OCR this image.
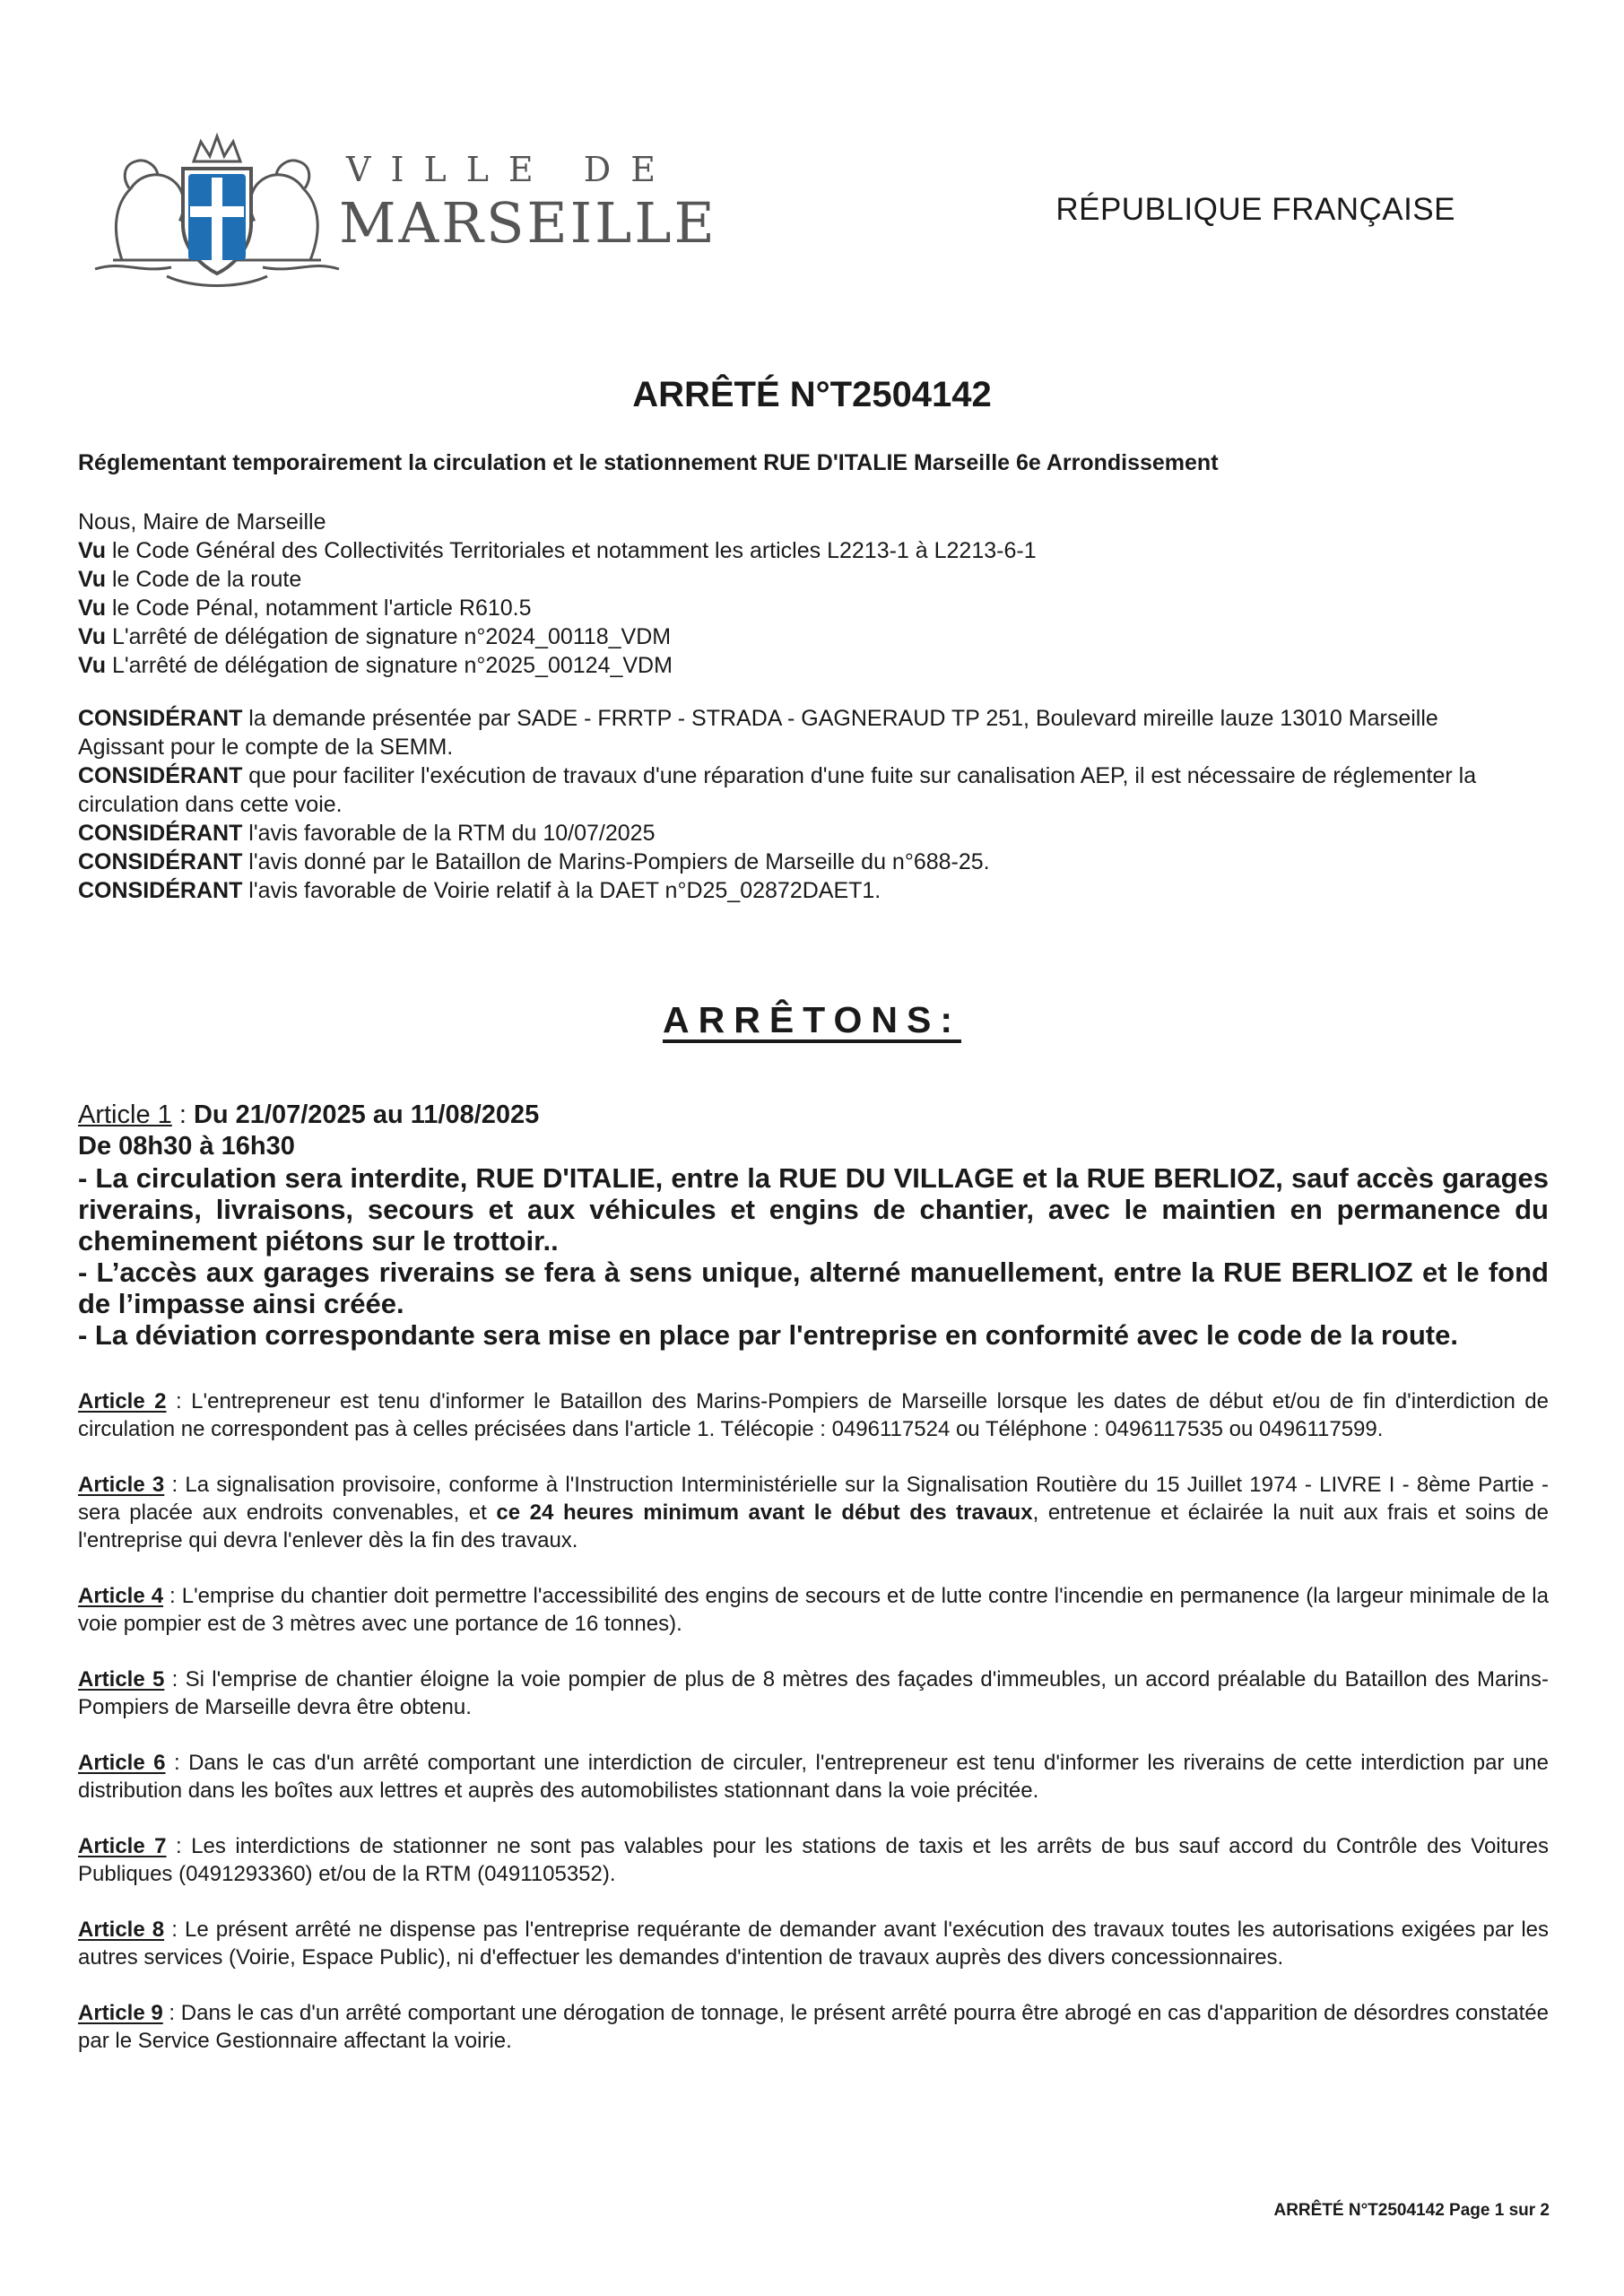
VILLE DE
MARSEILLE	RÉPUBLIQUE FRANÇAISE
ARRÊTÉ N°T2504142
Réglementant temporairement la circulation et le stationnement RUE D'ITALIE Marseille 6e Arrondissement
Nous, Maire de Marseille
Vu le Code Général des Collectivités Territoriales et notamment les articles L2213-1 à L2213-6-1
Vu le Code de la route
Vu le Code Pénal, notamment l'article R610.5
Vu L'arrêté de délégation de signature n°2024_00118_VDM
Vu L'arrêté de délégation de signature n°2025_00124_VDM
CONSIDÉRANT la demande présentée par SADE - FRRTP - STRADA - GAGNERAUD TP 251, Boulevard mireille lauze 13010 Marseille
Agissant pour le compte de la SEMM.
CONSIDÉRANT que pour faciliter l'exécution de travaux d'une réparation d'une fuite sur canalisation AEP, il est nécessaire de réglementer la circulation dans cette voie.
CONSIDÉRANT l'avis favorable de la RTM du 10/07/2025
CONSIDÉRANT l'avis donné par le Bataillon de Marins-Pompiers de Marseille du n°688-25.
CONSIDÉRANT l'avis favorable de Voirie relatif à la DAET n°D25_02872DAET1.
ARRÊTONS:
Article 1 : Du 21/07/2025 au 11/08/2025
De 08h30 à 16h30
- La circulation sera interdite, RUE D'ITALIE, entre la RUE DU VILLAGE et la RUE BERLIOZ, sauf accès garages riverains, livraisons, secours et aux véhicules et engins de chantier, avec le maintien en permanence du cheminement piétons sur le trottoir..
- L’accès aux garages riverains se fera à sens unique, alterné manuellement, entre la RUE BERLIOZ et le fond de l’impasse ainsi créée.
- La déviation correspondante sera mise en place par l'entreprise en conformité avec le code de la route.
Article 2 : L'entrepreneur est tenu d'informer le Bataillon des Marins-Pompiers de Marseille lorsque les dates de début et/ou de fin d'interdiction de circulation ne correspondent pas à celles précisées dans l'article 1. Télécopie : 0496117524 ou Téléphone : 0496117535 ou 0496117599.
Article 3 : La signalisation provisoire, conforme à l'Instruction Interministérielle sur la Signalisation Routière du 15 Juillet 1974 - LIVRE I - 8ème Partie - sera placée aux endroits convenables, et ce 24 heures minimum avant le début des travaux, entretenue et éclairée la nuit aux frais et soins de l'entreprise qui devra l'enlever dès la fin des travaux.
Article 4 : L'emprise du chantier doit permettre l'accessibilité des engins de secours et de lutte contre l'incendie en permanence (la largeur minimale de la voie pompier est de 3 mètres avec une portance de 16 tonnes).
Article 5 : Si l'emprise de chantier éloigne la voie pompier de plus de 8 mètres des façades d'immeubles, un accord préalable du Bataillon des Marins-Pompiers de Marseille devra être obtenu.
Article 6 : Dans le cas d'un arrêté comportant une interdiction de circuler, l'entrepreneur est tenu d'informer les riverains de cette interdiction par une distribution dans les boîtes aux lettres et auprès des automobilistes stationnant dans la voie précitée.
Article 7 : Les interdictions de stationner ne sont pas valables pour les stations de taxis et les arrêts de bus sauf accord du Contrôle des Voitures Publiques (0491293360) et/ou de la RTM (0491105352).
Article 8 : Le présent arrêté ne dispense pas l'entreprise requérante de demander avant l'exécution des travaux toutes les autorisations exigées par les autres services (Voirie, Espace Public), ni d'effectuer les demandes d'intention de travaux auprès des divers concessionnaires.
Article 9 : Dans le cas d'un arrêté comportant une dérogation de tonnage, le présent arrêté pourra être abrogé en cas d'apparition de désordres constatée par le Service Gestionnaire affectant la voirie.
ARRÊTÉ N°T2504142 Page 1 sur 2
